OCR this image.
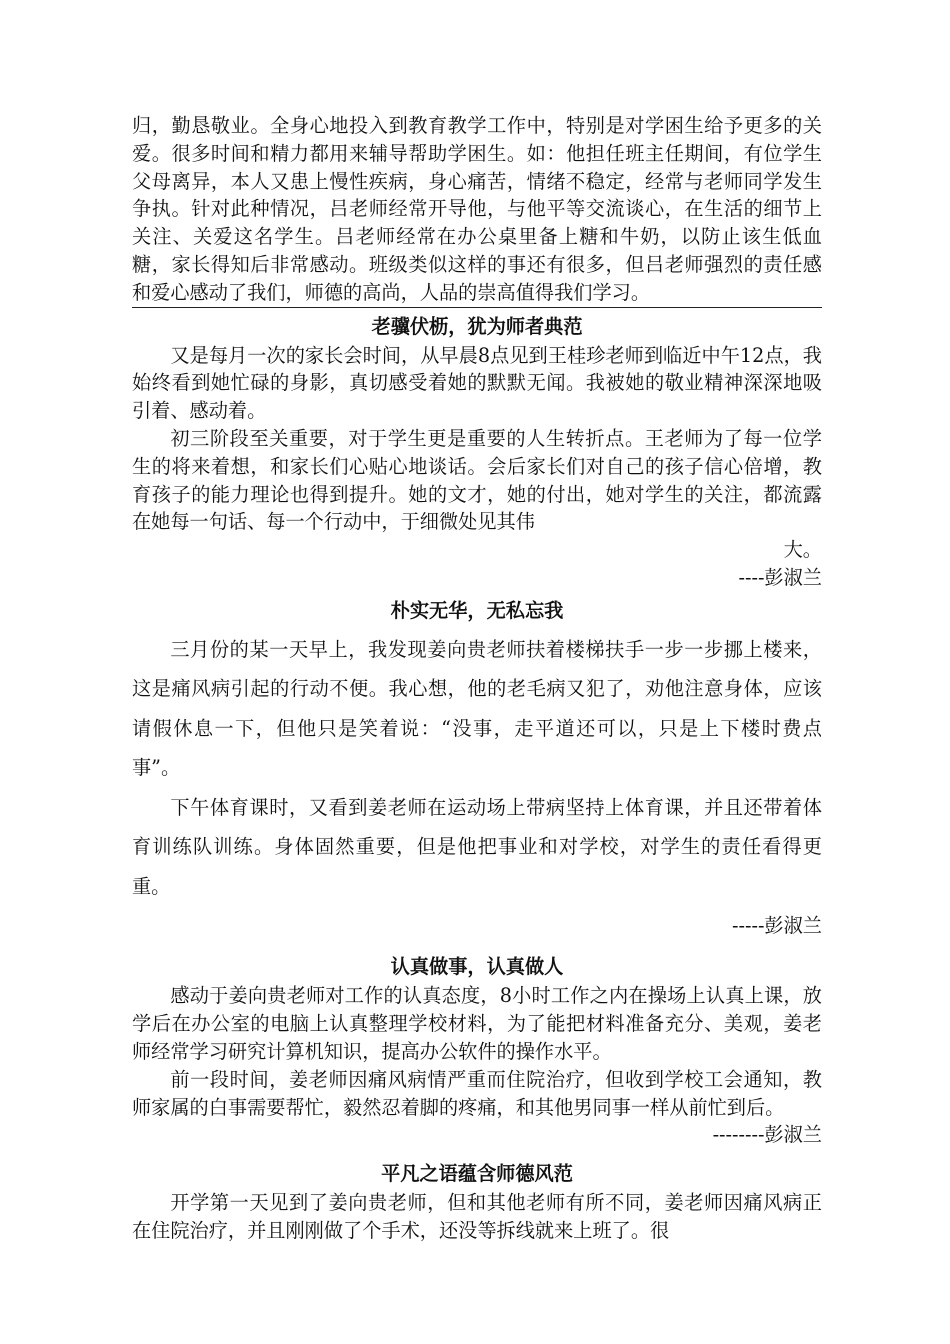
归，勤恳敬业。全身心地投入到教育教学工作中，特别是对学困生给予更多的关爱。很多时间和精力都用来辅导帮助学困生。如：他担任班主任期间，有位学生父母离异，本人又患上慢性疾病，身心痛苦，情绪不稳定，经常与老师同学发生争执。针对此种情况，吕老师经常开导他，与他平等交流谈心，在生活的细节上关注、关爱这名学生。吕老师经常在办公桌里备上糖和牛奶，以防止该生低血糖，家长得知后非常感动。班级类似这样的事还有很多，但吕老师强烈的责任感和爱心感动了我们，师德的高尚，人品的崇高值得我们学习。

老骥伏枥，犹为师者典范

又是每月一次的家长会时间，从早晨8点见到王桂珍老师到临近中午12点，我始终看到她忙碌的身影，真切感受着她的默默无闻。我被她的敬业精神深深地吸引着、感动着。

初三阶段至关重要，对于学生更是重要的人生转折点。王老师为了每一位学生的将来着想，和家长们心贴心地谈话。会后家长们对自己的孩子信心倍增，教育孩子的能力理论也得到提升。她的文才，她的付出，她对学生的关注，都流露在她每一句话、每一个行动中，于细微处见其伟

大。

----彭淑兰

朴实无华，无私忘我

三月份的某一天早上，我发现姜向贵老师扶着楼梯扶手一步一步挪上楼来，这是痛风病引起的行动不便。我心想，他的老毛病又犯了，劝他注意身体，应该请假休息一下，但他只是笑着说：“没事，走平道还可以，只是上下楼时费点事”。

下午体育课时，又看到姜老师在运动场上带病坚持上体育课，并且还带着体育训练队训练。身体固然重要，但是他把事业和对学校，对学生的责任看得更重。

-----彭淑兰

认真做事，认真做人

感动于姜向贵老师对工作的认真态度，8小时工作之内在操场上认真上课，放学后在办公室的电脑上认真整理学校材料，为了能把材料准备充分、美观，姜老师经常学习研究计算机知识，提高办公软件的操作水平。

前一段时间，姜老师因痛风病情严重而住院治疗，但收到学校工会通知，教师家属的白事需要帮忙，毅然忍着脚的疼痛，和其他男同事一样从前忙到后。

--------彭淑兰

平凡之语蕴含师德风范

开学第一天见到了姜向贵老师，但和其他老师有所不同，姜老师因痛风病正在住院治疗，并且刚刚做了个手术，还没等拆线就来上班了。很
